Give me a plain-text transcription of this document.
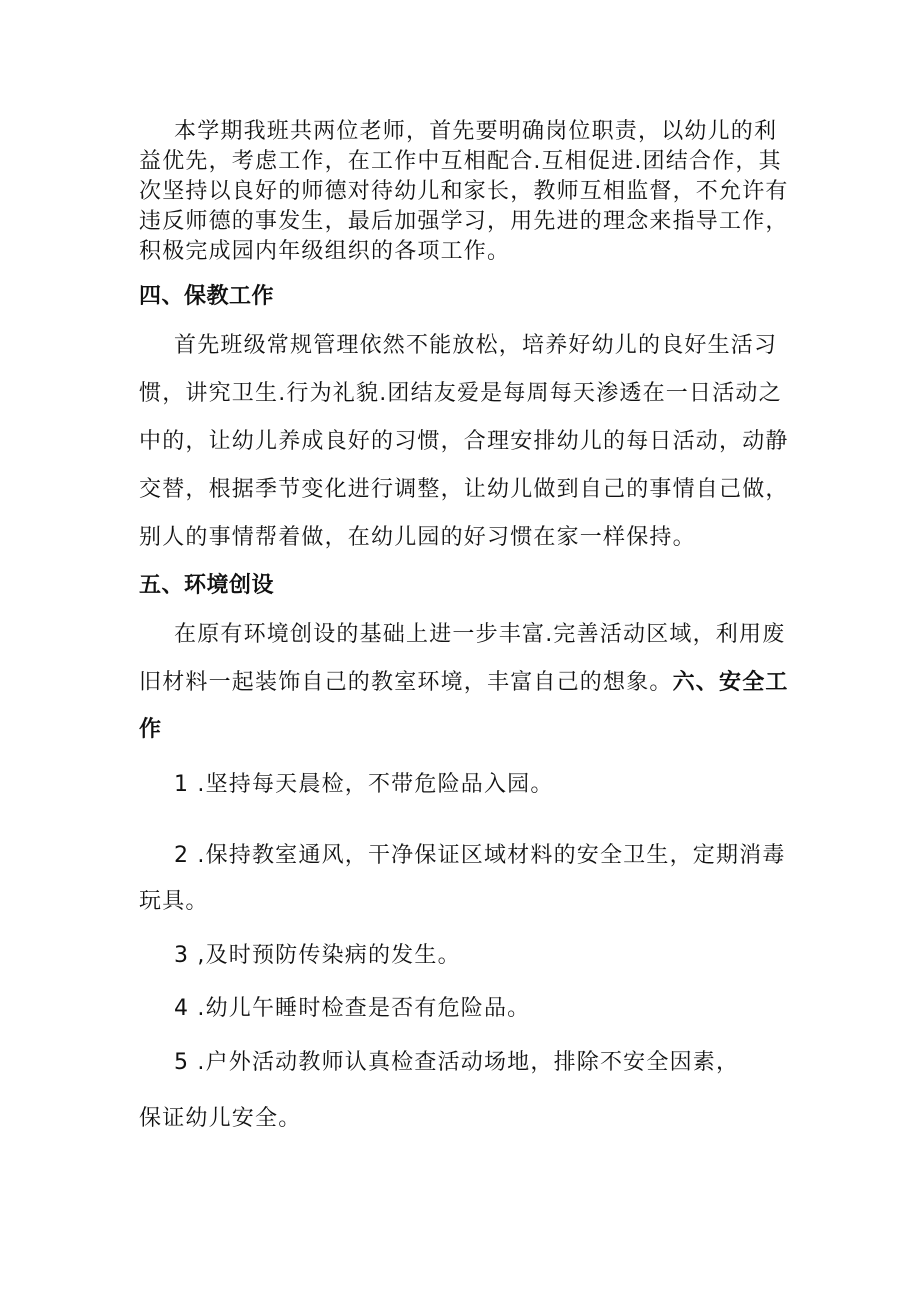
本学期我班共两位老师，首先要明确岗位职责，以幼儿的利
益优先，考虑工作，在工作中互相配合.互相促进.团结合作，其
次坚持以良好的师德对待幼儿和家长，教师互相监督，不允许有
违反师德的事发生，最后加强学习，用先进的理念来指导工作，
积极完成园内年级组织的各项工作。
四、保教工作
首先班级常规管理依然不能放松，培养好幼儿的良好生活习
惯，讲究卫生.行为礼貌.团结友爱是每周每天渗透在一日活动之
中的，让幼儿养成良好的习惯，合理安排幼儿的每日活动，动静
交替，根据季节变化进行调整，让幼儿做到自己的事情自己做，
别人的事情帮着做，在幼儿园的好习惯在家一样保持。
五、环境创设
在原有环境创设的基础上进一步丰富.完善活动区域，利用废
旧材料一起装饰自己的教室环境，丰富自己的想象。六、安全工
作
1 .坚持每天晨检，不带危险品入园。
2 .保持教室通风，干净保证区域材料的安全卫生，定期消毒
玩具。
3 ,及时预防传染病的发生。
4 .幼儿午睡时检查是否有危险品。
5 .户外活动教师认真检查活动场地，排除不安全因素，
保证幼儿安全。
